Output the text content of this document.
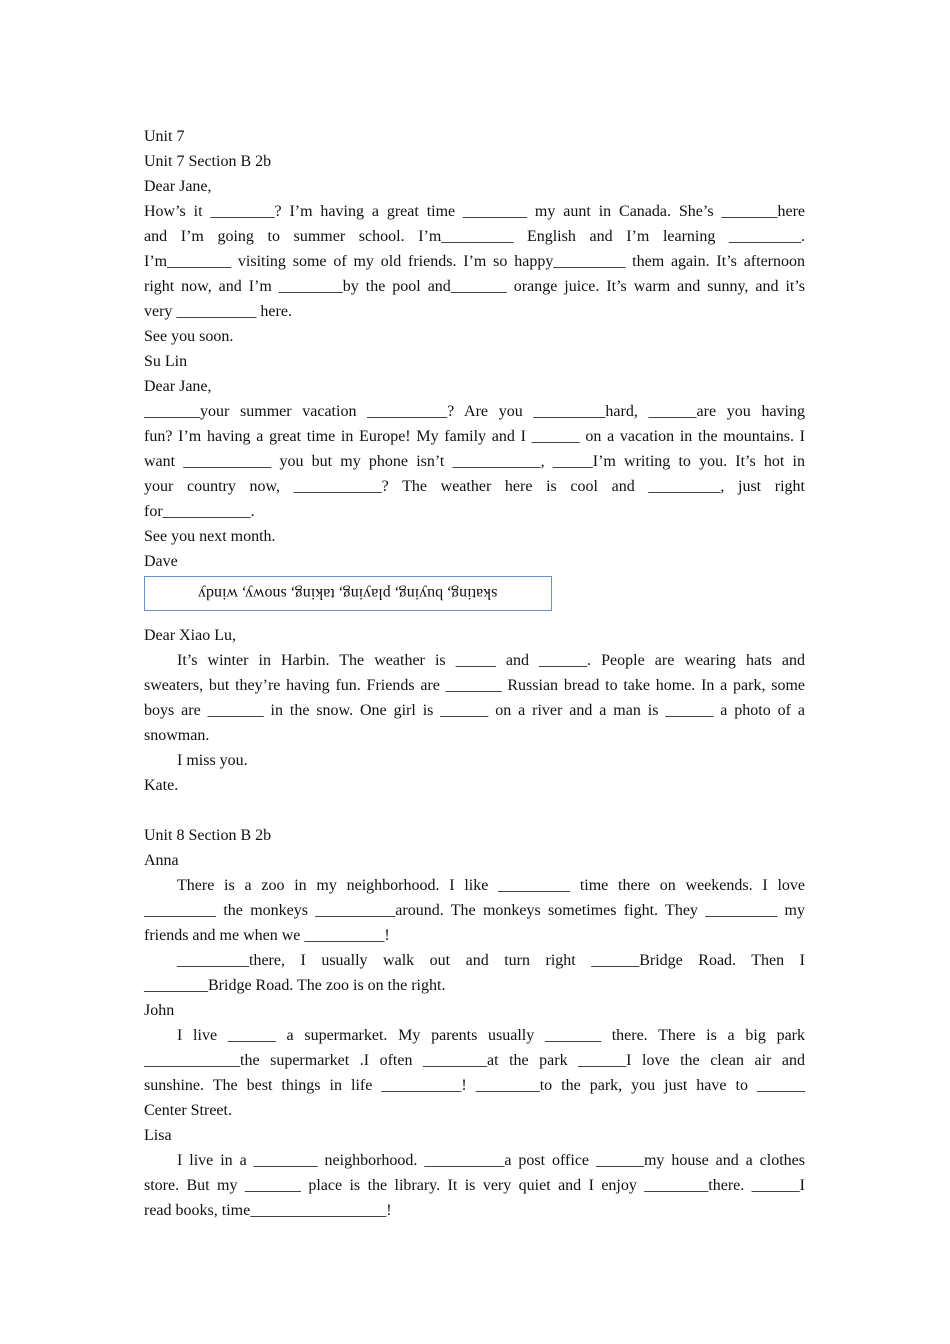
Unit 7
Unit 7 Section B 2b
Dear Jane,
How’s it ________? I’m having a great time ________ my aunt in Canada. She’s _______here
and I’m going to summer school. I’m_________ English and I’m learning _________.
I’m________ visiting some of my old friends. I’m so happy_________ them again. It’s afternoon
right now, and I’m ________by the pool and_______ orange juice. It’s warm and sunny, and it’s
very __________ here.
See you soon.
Su Lin
Dear Jane,
_______your summer vacation __________? Are you _________hard, ______are you having
fun? I’m having a great time in Europe! My family and I ______ on a vacation in the mountains. I
want ___________ you but my phone isn’t ___________, _____I’m writing to you. It’s hot in
your country now, ___________? The weather here is cool and _________, just right
for___________.
See you next month.
Dave
skating, buying, playing, taking, snowy, windy
Dear Xiao Lu,
It’s winter in Harbin. The weather is _____ and ______. People are wearing hats and
sweaters, but they’re having fun. Friends are _______ Russian bread to take home. In a park, some
boys are _______ in the snow. One girl is ______ on a river and a man is ______ a photo of a
snowman.
I miss you.
Kate.
Unit 8 Section B 2b
Anna
There is a zoo in my neighborhood. I like _________ time there on weekends. I love
_________ the monkeys __________around. The monkeys sometimes fight. They _________ my
friends and me when we __________!
_________there, I usually walk out and turn right ______Bridge Road. Then I
________Bridge Road. The zoo is on the right.
John
I live ______ a supermarket. My parents usually _______ there. There is a big park
____________the supermarket .I often ________at the park ______I love the clean air and
sunshine. The best things in life __________! ________to the park, you just have to ______
Center Street.
Lisa
I live in a ________ neighborhood. __________a post office ______my house and a clothes
store. But my _______ place is the library. It is very quiet and I enjoy ________there. ______I
read books, time_________________!
